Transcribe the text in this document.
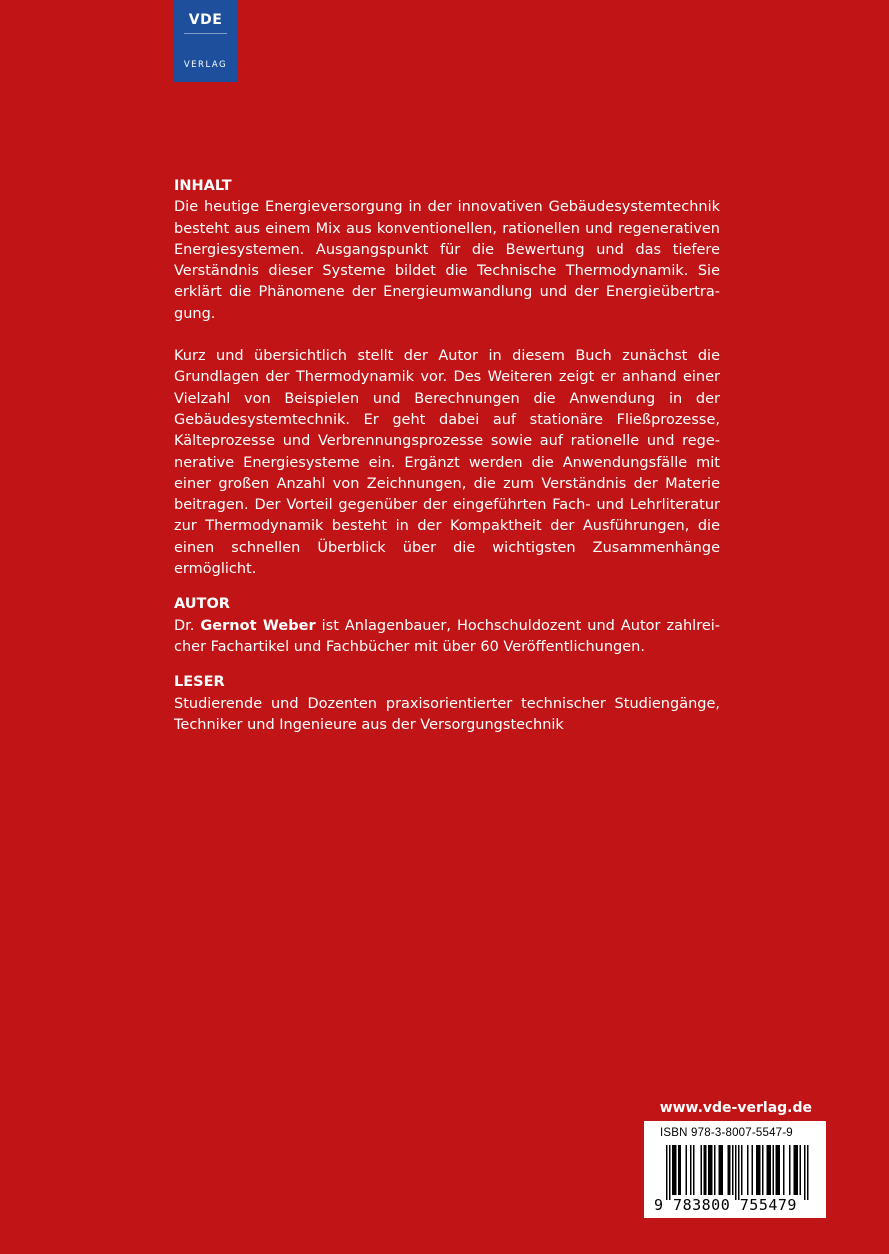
VDE
VERLAG

INHALT

Die heutige Energieversorgung in der innovativen Gebäudesystemtechnik besteht aus einem Mix aus konventionellen, rationellen und regenerativen Energiesystemen. Ausgangspunkt für die Bewertung und das tiefere Verständnis dieser Systeme bildet die Technische Thermodynamik. Sie erklärt die Phänomene der Energieumwandlung und der Energieübertragung.

Kurz und übersichtlich stellt der Autor in diesem Buch zunächst die Grundlagen der Thermodynamik vor. Des Weiteren zeigt er anhand einer Vielzahl von Beispielen und Berechnungen die Anwendung in der Gebäudesystemtechnik. Er geht dabei auf stationäre Fließprozesse, Kälteprozesse und Verbrennungsprozesse sowie auf rationelle und regenerative Energiesysteme ein. Ergänzt werden die Anwendungsfälle mit einer großen Anzahl von Zeichnungen, die zum Verständnis der Materie beitragen. Der Vorteil gegenüber der eingeführten Fach- und Lehrliteratur zur Thermodynamik besteht in der Kompaktheit der Ausführungen, die einen schnellen Überblick über die wichtigsten Zusammenhänge ermöglicht.

AUTOR

Dr. Gernot Weber ist Anlagenbauer, Hochschuldozent und Autor zahlreicher Fachartikel und Fachbücher mit über 60 Veröffentlichungen.

LESER

Studierende und Dozenten praxisorientierter technischer Studiengänge, Techniker und Ingenieure aus der Versorgungstechnik

www.vde-verlag.de
ISBN 978-3-8007-5547-9
9 783800 755479
